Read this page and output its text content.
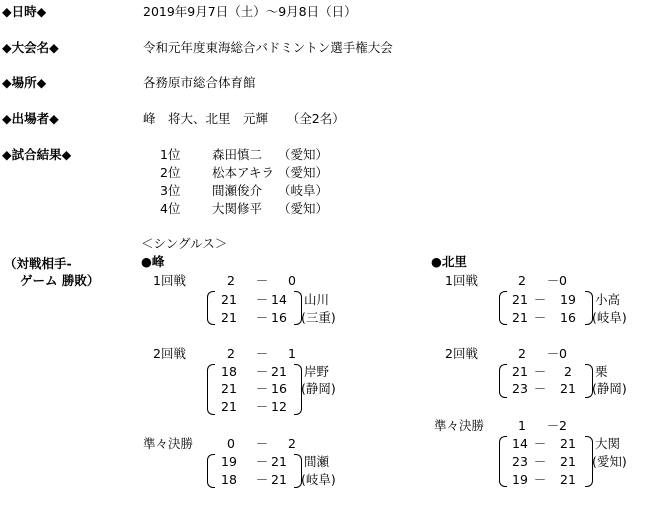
◆日時◆	2019年9月7日（土）～9月8日（日）
◆大会名◆	令和元年度東海総合バドミントン選手権大会
◆場所◆	各務原市総合体育館
◆出場者◆	峰　将大、北里　元輝　　（全2名）
◆試合結果◆	1位	森田慎二 （愛知）
2位	松本アキラ （愛知）
3位	間瀬俊介 （岐阜）
4位	大関修平 （愛知）
（対戦相手-
ゲーム 勝敗）
＜シングルス＞
●峰
1回戦	2	－	0
21 － 14
21 － 16
山川
(三重)
2回戦	2	－	1
18 － 21
21 － 16
21 － 12
岸野
(静岡)
準々決勝	0	－	2
19 － 21
18 － 21
間瀬
(岐阜)
●北里
1回戦	2	－ 0
21 － 19
21 － 16
小高
(岐阜)
2回戦	2	－ 0
21 －	2
23 － 21
栗
(静岡)
準々決勝	1	－ 2
14 － 21
23 － 21
19 － 21
大関
(愛知)
